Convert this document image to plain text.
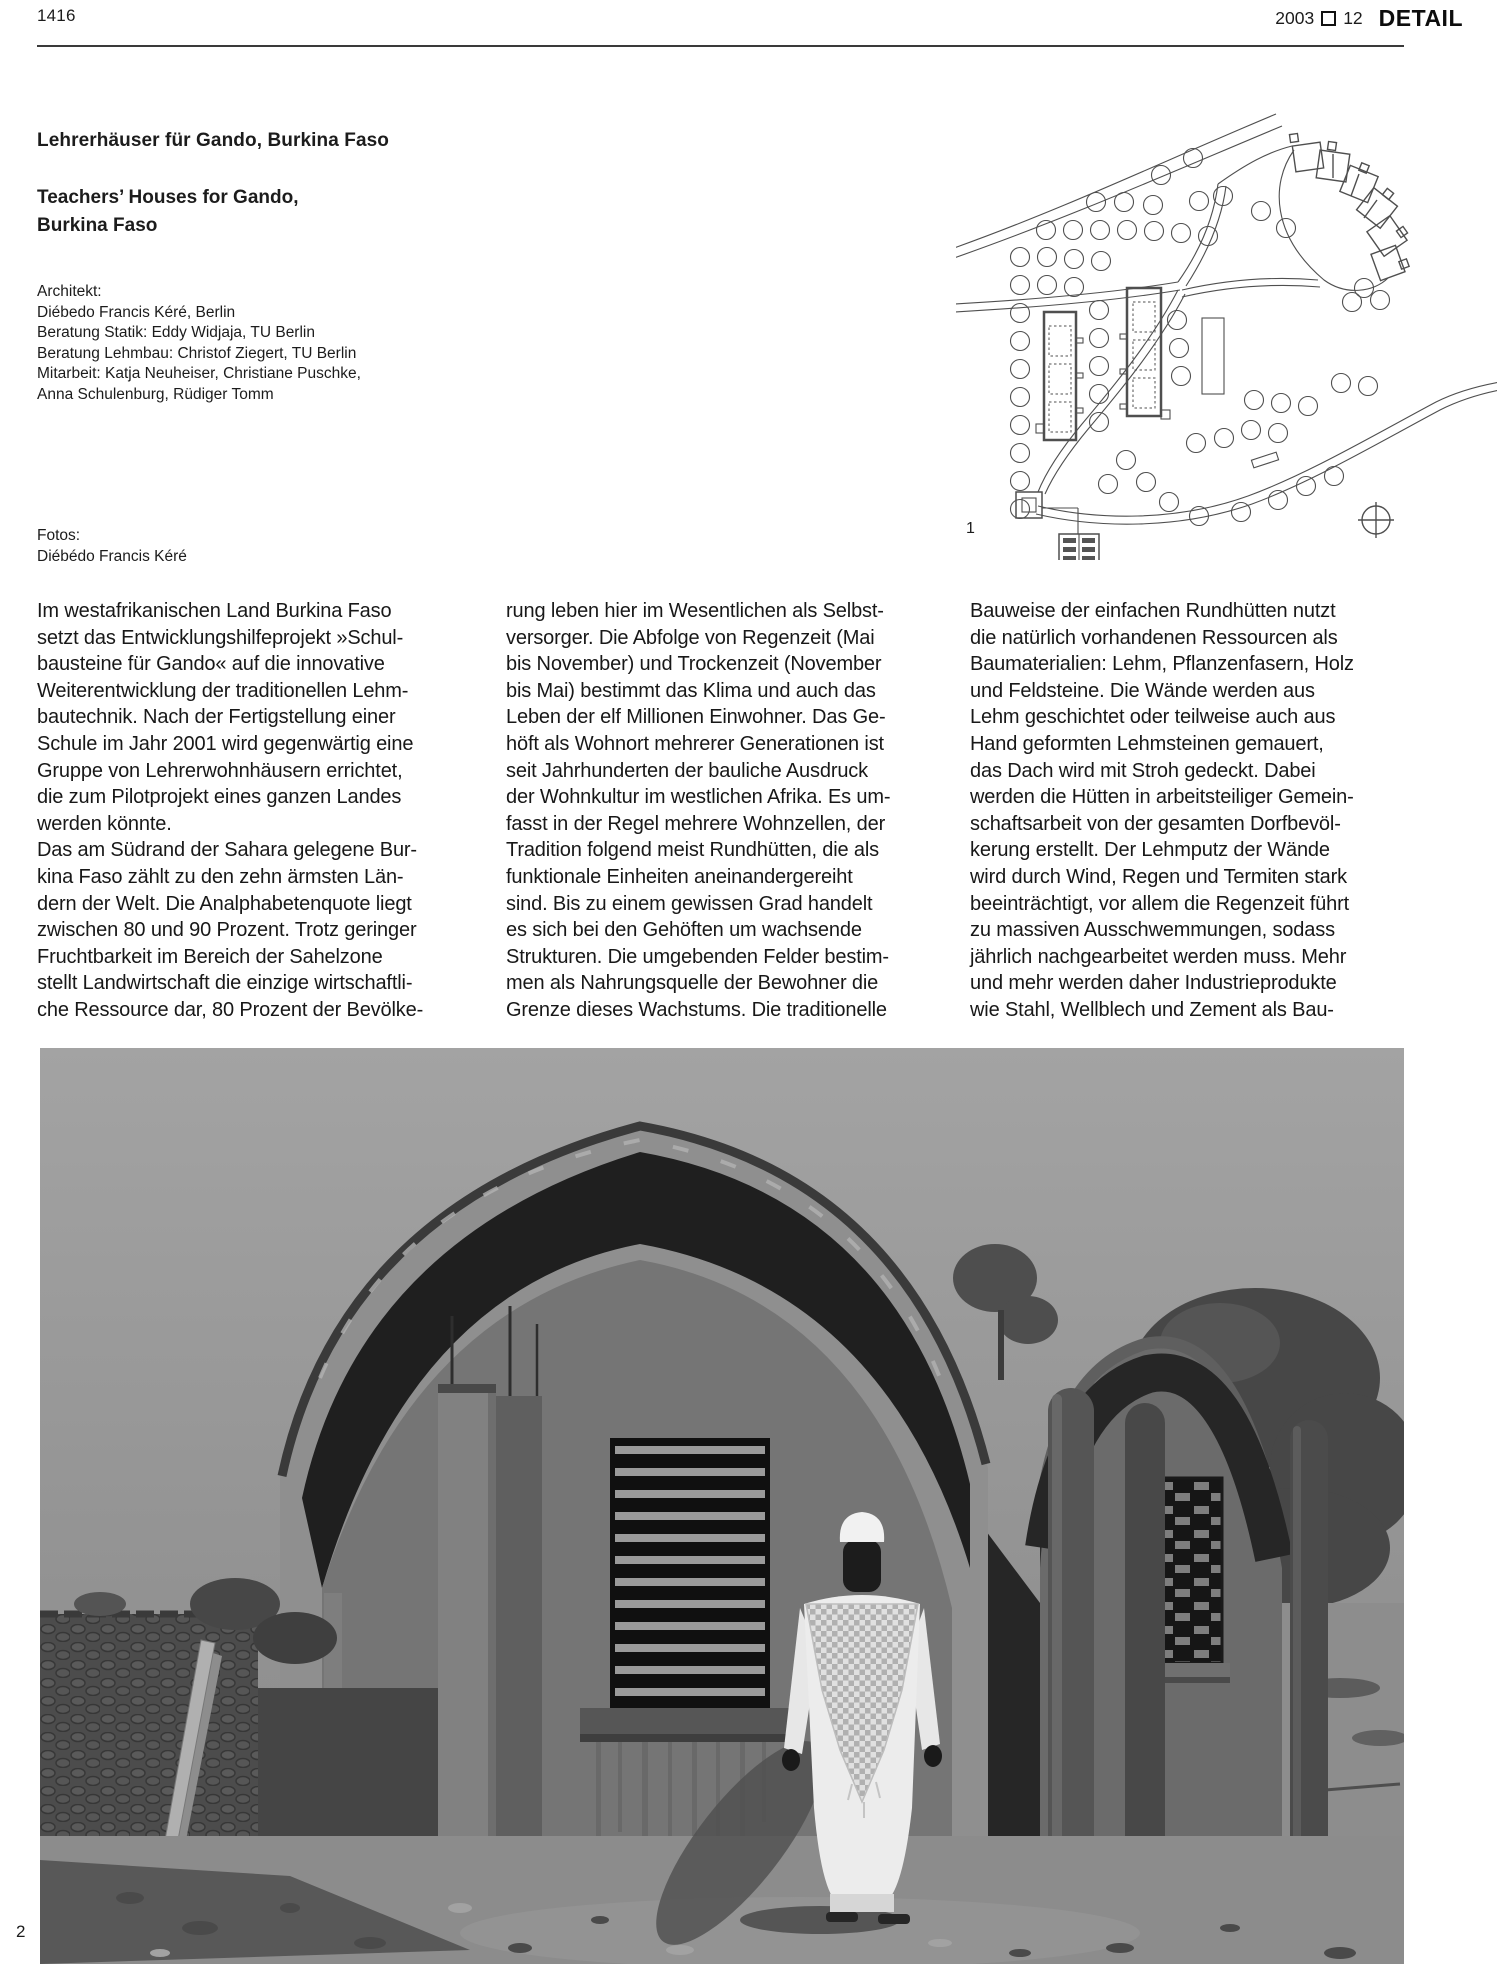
1416	2003 12 DETAIL
Lehrerhäuser für Gando, Burkina Faso
Teachers’ Houses for Gando,
Burkina Faso
Architekt:
Diébedo Francis Kéré, Berlin
Beratung Statik: Eddy Widjaja, TU Berlin
Beratung Lehmbau: Christof Ziegert, TU Berlin
Mitarbeit: Katja Neuheiser, Christiane Puschke,
Anna Schulenburg, Rüdiger Tomm
Fotos:
Diébédo Francis Kéré
1
Im westafrikanischen Land Burkina Faso
setzt das Entwicklungshilfeprojekt »Schul-
bausteine für Gando« auf die innovative
Weiterentwicklung der traditionellen Lehm-
bautechnik. Nach der Fertigstellung einer
Schule im Jahr 2001 wird gegenwärtig eine
Gruppe von Lehrerwohnhäusern errichtet,
die zum Pilotprojekt eines ganzen Landes
werden könnte.
Das am Südrand der Sahara gelegene Bur-
kina Faso zählt zu den zehn ärmsten Län-
dern der Welt. Die Analphabetenquote liegt
zwischen 80 und 90 Prozent. Trotz geringer
Fruchtbarkeit im Bereich der Sahelzone
stellt Landwirtschaft die einzige wirtschaftli-
che Ressource dar, 80 Prozent der Bevölke-
rung leben hier im Wesentlichen als Selbst-
versorger. Die Abfolge von Regenzeit (Mai
bis November) und Trockenzeit (November
bis Mai) bestimmt das Klima und auch das
Leben der elf Millionen Einwohner. Das Ge-
höft als Wohnort mehrerer Generationen ist
seit Jahrhunderten der bauliche Ausdruck
der Wohnkultur im westlichen Afrika. Es um-
fasst in der Regel mehrere Wohnzellen, der
Tradition folgend meist Rundhütten, die als
funktionale Einheiten aneinandergereiht
sind. Bis zu einem gewissen Grad handelt
es sich bei den Gehöften um wachsende
Strukturen. Die umgebenden Felder bestim-
men als Nahrungsquelle der Bewohner die
Grenze dieses Wachstums. Die traditionelle
Bauweise der einfachen Rundhütten nutzt
die natürlich vorhandenen Ressourcen als
Baumaterialien: Lehm, Pflanzenfasern, Holz
und Feldsteine. Die Wände werden aus
Lehm geschichtet oder teilweise auch aus
Hand geformten Lehmsteinen gemauert,
das Dach wird mit Stroh gedeckt. Dabei
werden die Hütten in arbeitsteiliger Gemein-
schaftsarbeit von der gesamten Dorfbevöl-
kerung erstellt. Der Lehmputz der Wände
wird durch Wind, Regen und Termiten stark
beeinträchtigt, vor allem die Regenzeit führt
zu massiven Ausschwemmungen, sodass
jährlich nachgearbeitet werden muss. Mehr
und mehr werden daher Industrieprodukte
wie Stahl, Wellblech und Zement als Bau-
2
